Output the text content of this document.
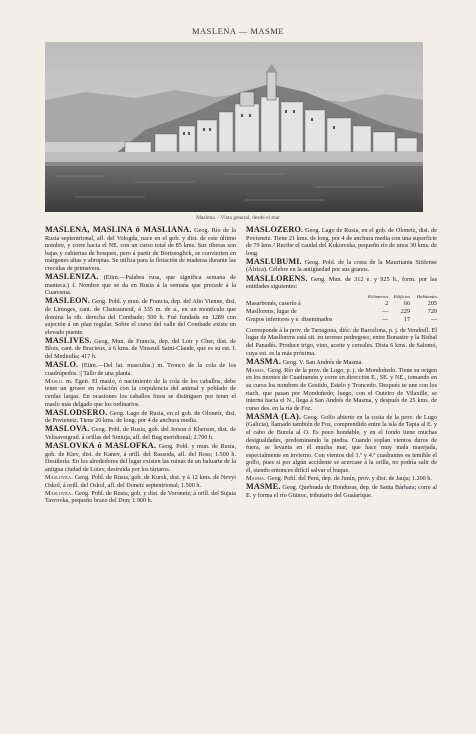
MASLENA — MASME
Maslena. - Vista general, desde el mar

MASLENA, MASLINA ó MASLIANA. Geog. Río de la Rusia septentrional, afl. del Vologda, nace en el gob. y dist. de este último nombre, y corre hacia el NE. con un curso total de 85 kms. Sus riberas son bajas y cubiertas de bosques, pero á partir de Borissoglick, se convierten en márgenes altas y abruptas. Se utiliza para la flotación de maderas durante las crecidas de primavera.

MASLENIZA. (Etim.—Palabra rusa, que significa semana de manteca.) f. Nombre que se da en Rusia á la semana que precede á la Cuaresma.

MASLEON. Geog. Pobl. y mun. de Francia, dep. del Alto Vienne, dist. de Limoges, cant. de Chateauneuf, á 335 m. de a., en un montículo que domina la rib. derecha del Combade; 500 h. Fué fundada en 1289 con sujeción á un plan regular. Sobre el curso del valle del Combade existe un elevado puente.

MASLIVES. Geog. Mun. de Francia, dep. del Loir y Cher, dist. de Blois, cant. de Bracieux, á 6 kms. de Vinseuil Saint-Claude, que es su est. f. del Mediodía; 417 h.

MASLO. (Etim.—Del lat. masculus.) m. Tronco de la cola de los cuadrúpedos. || Tallo de una planta.

Maslo. m. Egeit. El maslo, ó nacimiento de la cola de los caballos, debe tener un grosor en relación con la corpulencia del animal y poblado de cerdas largas. En ocasiones los caballos finos se distinguen por tener el maslo más delgado que los ordinarios.

MASLODSERO. Geog. Lago de Rusia, en el gob. de Olonetz, dist. de Povienetz. Tiene 20 kms. de long. por 4 de anchura media.

MASLOVA. Geog. Pobl. de Rusia, gob. del Jerson ó Kherson, dist. de Velisavetgrad. á orillas del Siniuja, afl. del Bug meridional; 2.700 h.

MASLOVKA ó MASLOFKA. Geog. Pobl. y mun. de Rusia, gob. de Kiev, dist. de Kanev, á orill. del Rassoda, afl. del Ross; 1.500 h. Destilería. En los alrededores del lugar existen las ruinas de un baluarte de la antigua ciudad de Loiev, destruída por los tártaros.

Maslovka. Geog. Pobl. de Rusia, gob. de Kursk, dist. y á 12 kms. de Nevyi Oskol, á orill. del Oskol, afl. del Donetz septentrional; 1.500 h.

Maslovka. Geog. Pobl. de Rusia, gob. y dist. de Voronetz, á orill. del Sujaia Tavrovka, pequeño brazo del Don; 1.900 h.

MASLOZERO. Geog. Lago de Rusia, en el gob. de Olonetz, dist. de Povienetz. Tiene 21 kms. de long. por 4 de anchura media con una superficie de 79 kms.² Recibe el caudal del Kukoreska, pequeño río de unos 30 kms. de long.

MASLUBUMI. Geog. Pobl. de la costa de la Mauritania Sitifense (África). Célebre en la antigüedad por sus granos.

MASLLORENS. Geog. Mun. de 312 e. y 925 h., form. por las entidades siguientes:

	Kilómetros	Edificios	Habitantes
Masarbonés, caserío á	2	66	205
Masllorens, lugar de	—	229	720
Grupos inferiores y e. diseminados	—	17	—

Corresponde á la prov. de Tarragona, dióc. de Barcelona, p. j. de Vendrell. El lugar de Masllorens está sit. en terreno pedregoso, entre Bonastre y la Bisbal del Panadés. Produce trigo, vino, aceite y cereales. Dista 6 kms. de Salomó, cuya est. es la más próxima.

MASMA. Geog. V. San Andrés de Masma.

Masma. Geog. Río de la prov. de Lugo, p. j. de Mondoñedo. Tiene su origen en los montes de Cuadramón y corre en dirección E., SE. y NE., tomando en su curso los nombres de Gestido, Estelo y Troncedo. Después se une con los riach. que pasan por Mondoñedo; luego, con el Outeiro de Vilaxille, se interna hacia el N., llega á San Andrés de Masma, y después de 25 kms. de curso des. en la ría de Foz.

MASMA (LA). Geog. Golfo abierto en la costa de la prov. de Lugo (Galicia), llamado también de Foz, comprendido entre la isla de Tapia al E. y el cabo de Burela al O. Es poco hondable, y en el fondo tiene muchas desigualdades, predominando la piedra. Cuando soplan vientos duros de fuera, se levanta en él mucha mar, que hace muy mala marejada, especialmente en invierno. Con vientos del 1.º y 4.º cuadrantes es temible el golfo, pues si por algún accidente se acercase á la orilla, no podría salir de él, siendo entonces difícil salvar el buque.

Masma. Geog. Pobl. del Perú, dep. de Junín, prov. y dist. de Jauja; 1.200 h.

MASME. Geog. Quebrada de Honduras, dep. de Santa Bárbara; corre al E. y forma el río Güinoc, tributario del Gualarique.
